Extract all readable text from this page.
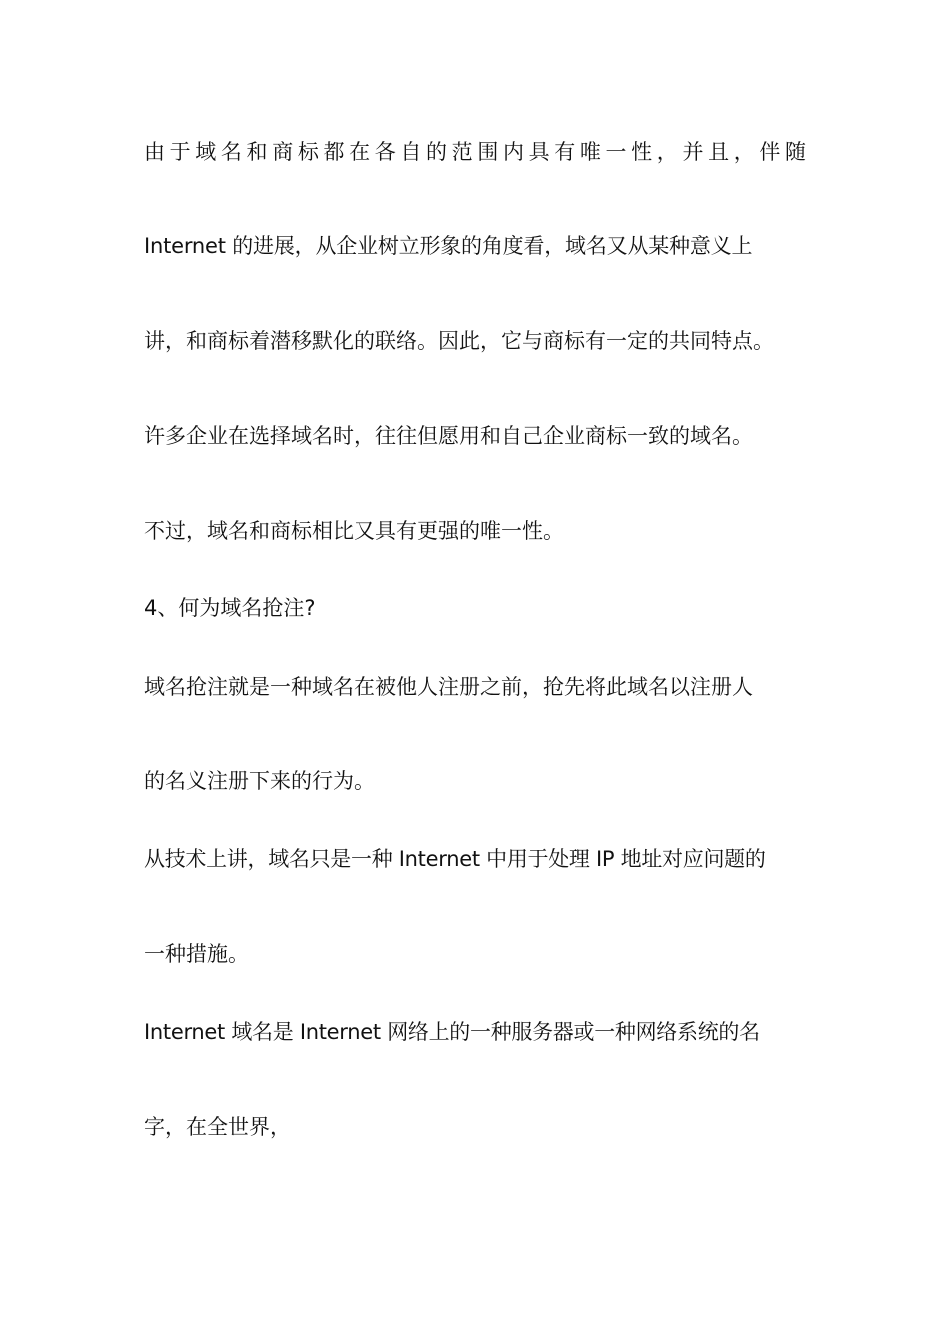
由于域名和商标都在各自的范围内具有唯一性，并且，伴随

Internet 的进展，从企业树立形象的角度看，域名又从某种意义上

讲，和商标着潜移默化的联络。因此，它与商标有一定的共同特点。

许多企业在选择域名时，往往但愿用和自己企业商标一致的域名。

不过，域名和商标相比又具有更强的唯一性。

4、何为域名抢注?

域名抢注就是一种域名在被他人注册之前，抢先将此域名以注册人

的名义注册下来的行为。

从技术上讲，域名只是一种 Internet 中用于处理 IP 地址对应问题的

一种措施。

Internet 域名是 Internet 网络上的一种服务器或一种网络系统的名

字，在全世界，
